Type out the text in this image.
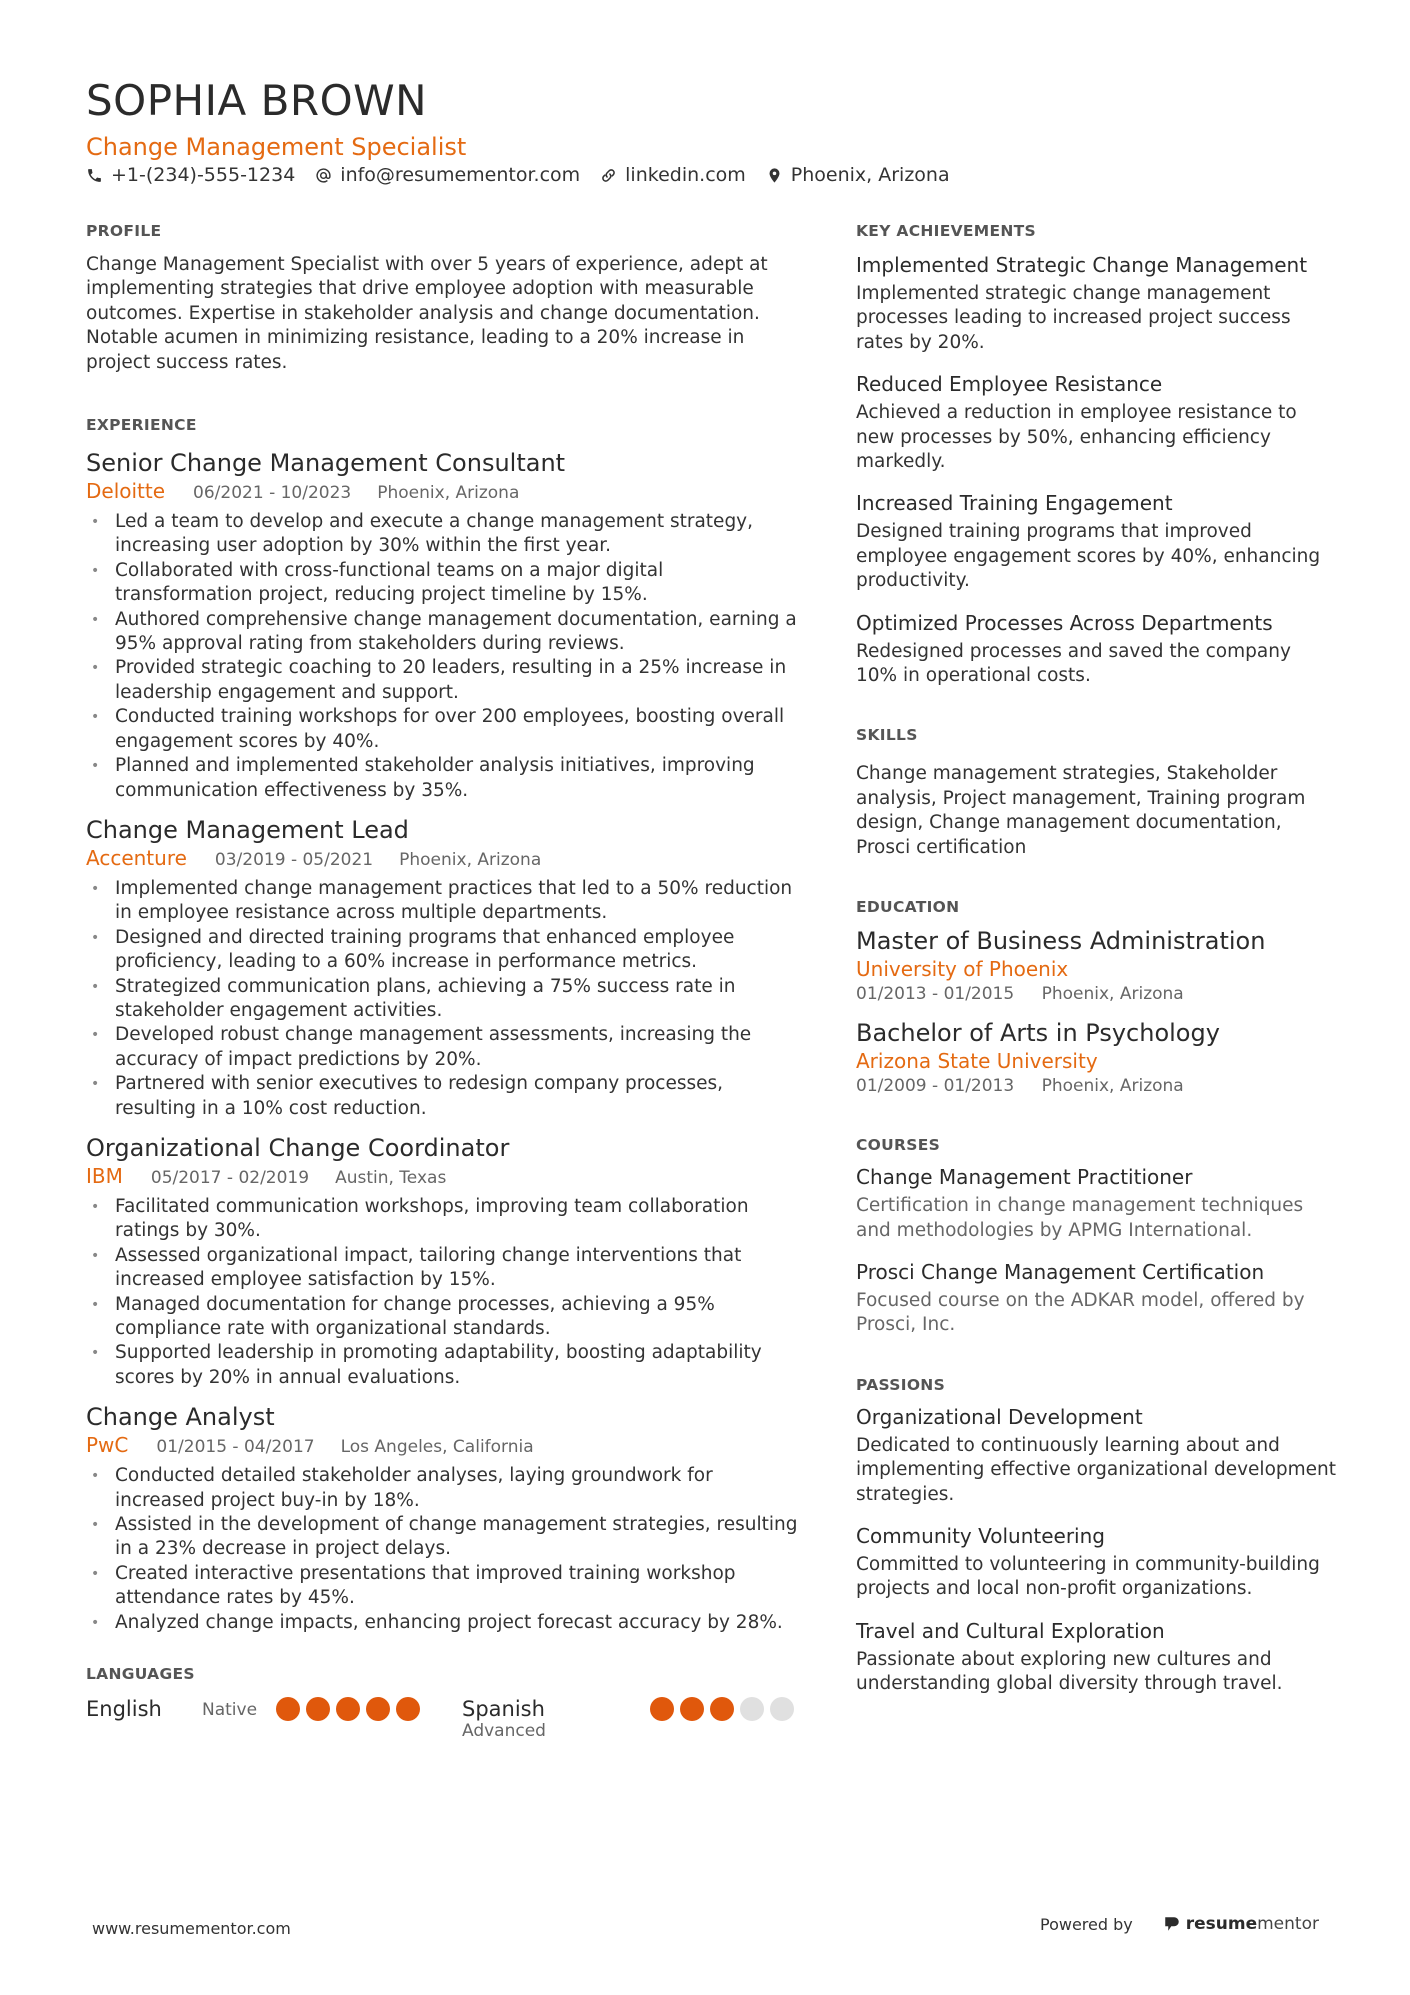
SOPHIA BROWN
Change Management Specialist
+1-(234)-555-1234 info@resumementor.com linkedin.com Phoenix, Arizona
PROFILE
Change Management Specialist with over 5 years of experience, adept at implementing strategies that drive employee adoption with measurable outcomes. Expertise in stakeholder analysis and change documentation. Notable acumen in minimizing resistance, leading to a 20% increase in project success rates.
EXPERIENCE
Senior Change Management Consultant
Deloitte 06/2021 - 10/2023 Phoenix, Arizona
• Led a team to develop and execute a change management strategy, increasing user adoption by 30% within the first year.
• Collaborated with cross-functional teams on a major digital transformation project, reducing project timeline by 15%.
• Authored comprehensive change management documentation, earning a 95% approval rating from stakeholders during reviews.
• Provided strategic coaching to 20 leaders, resulting in a 25% increase in leadership engagement and support.
• Conducted training workshops for over 200 employees, boosting overall engagement scores by 40%.
• Planned and implemented stakeholder analysis initiatives, improving communication effectiveness by 35%.
Change Management Lead
Accenture 03/2019 - 05/2021 Phoenix, Arizona
• Implemented change management practices that led to a 50% reduction in employee resistance across multiple departments.
• Designed and directed training programs that enhanced employee proficiency, leading to a 60% increase in performance metrics.
• Strategized communication plans, achieving a 75% success rate in stakeholder engagement activities.
• Developed robust change management assessments, increasing the accuracy of impact predictions by 20%.
• Partnered with senior executives to redesign company processes, resulting in a 10% cost reduction.
Organizational Change Coordinator
IBM 05/2017 - 02/2019 Austin, Texas
• Facilitated communication workshops, improving team collaboration ratings by 30%.
• Assessed organizational impact, tailoring change interventions that increased employee satisfaction by 15%.
• Managed documentation for change processes, achieving a 95% compliance rate with organizational standards.
• Supported leadership in promoting adaptability, boosting adaptability scores by 20% in annual evaluations.
Change Analyst
PwC 01/2015 - 04/2017 Los Angeles, California
• Conducted detailed stakeholder analyses, laying groundwork for increased project buy-in by 18%.
• Assisted in the development of change management strategies, resulting in a 23% decrease in project delays.
• Created interactive presentations that improved training workshop attendance rates by 45%.
• Analyzed change impacts, enhancing project forecast accuracy by 28%.
LANGUAGES
English	Native	Spanish
Advanced
KEY ACHIEVEMENTS
Implemented Strategic Change Management
Implemented strategic change management processes leading to increased project success rates by 20%.
Reduced Employee Resistance
Achieved a reduction in employee resistance to new processes by 50%, enhancing efficiency markedly.
Increased Training Engagement
Designed training programs that improved employee engagement scores by 40%, enhancing productivity.
Optimized Processes Across Departments
Redesigned processes and saved the company 10% in operational costs.
SKILLS
Change management strategies, Stakeholder analysis, Project management, Training program design, Change management documentation, Prosci certification
EDUCATION
Master of Business Administration
University of Phoenix
01/2013 - 01/2015 Phoenix, Arizona
Bachelor of Arts in Psychology
Arizona State University
01/2009 - 01/2013 Phoenix, Arizona
COURSES
Change Management Practitioner
Certification in change management techniques and methodologies by APMG International.
Prosci Change Management Certification
Focused course on the ADKAR model, offered by Prosci, Inc.
PASSIONS
Organizational Development
Dedicated to continuously learning about and implementing effective organizational development strategies.
Community Volunteering
Committed to volunteering in community-building projects and local non-profit organizations.
Travel and Cultural Exploration
Passionate about exploring new cultures and understanding global diversity through travel.
www.resumementor.com	Powered by	resume mentor
